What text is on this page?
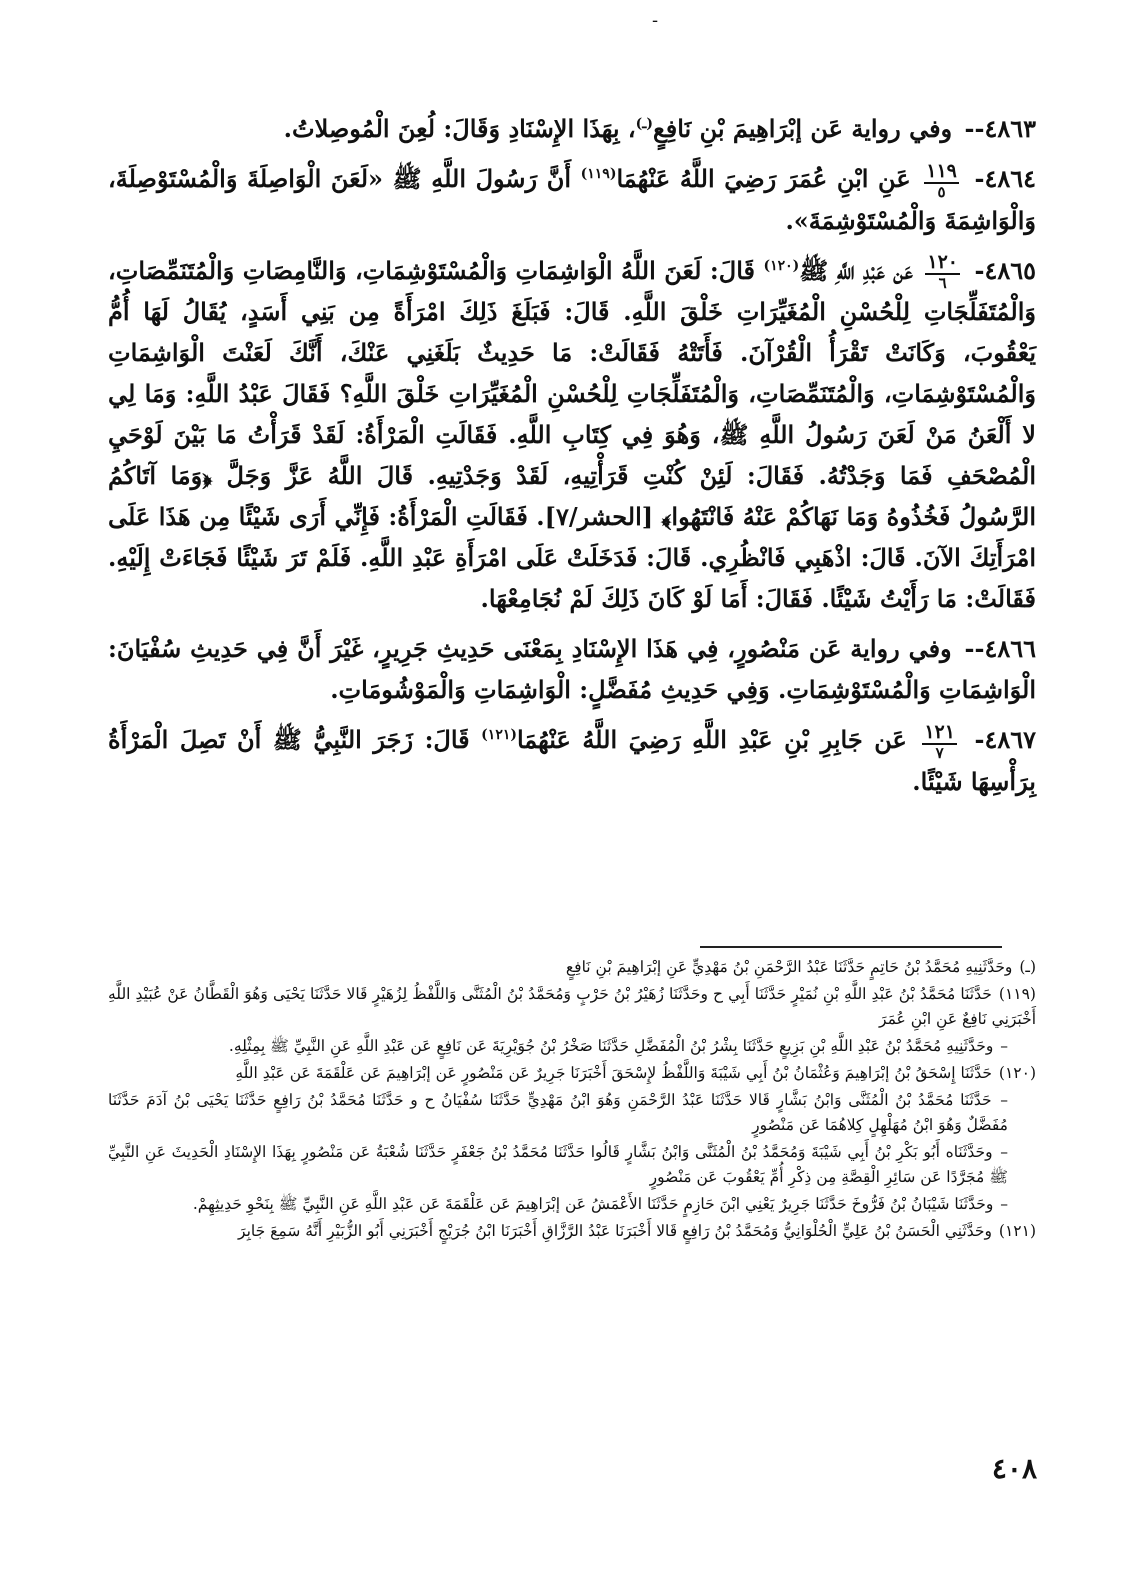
-

٤٨٦٣-- وفي رواية عَن إبْرَاهِيمَ بْنِ نَافِعٍ$^{(ـ)}$، بِهَذَا الإِسْنَادِ وَقَالَ: لُعِنَ الْمُوصِلاتُ.

٤٨٦٤-
١١٩
٥
عَنِ ابْنِ عُمَرَ رَضِيَ اللَّهُ عَنْهُمَا$^{(١١٩)}$ أَنَّ رَسُولَ اللَّهِ ﷺ «لَعَنَ الْوَاصِلَةَ وَالْمُسْتَوْصِلَةَ، وَالْوَاشِمَةَ وَالْمُسْتَوْشِمَةَ».

٤٨٦٥-
١٢٠
٦
عَن عَبْدِ اللَّهِ ﷺ$^{(١٢٠)}$ قَالَ: لَعَنَ اللَّهُ الْوَاشِمَاتِ وَالْمُسْتَوْشِمَاتِ، وَالنَّامِصَاتِ وَالْمُتَنَمِّصَاتِ، وَالْمُتَفَلِّجَاتِ لِلْحُسْنِ الْمُغَيِّرَاتِ خَلْقَ اللَّهِ. قَالَ: فَبَلَغَ ذَلِكَ امْرَأَةً مِن بَنِي أَسَدٍ، يُقَالُ لَهَا أُمُّ يَعْقُوبَ، وَكَانَتْ تَقْرَأُ الْقُرْآنَ. فَأَتَتْهُ فَقَالَتْ: مَا حَدِيثٌ بَلَغَنِي عَنْكَ، أَنَّكَ لَعَنْتَ الْوَاشِمَاتِ وَالْمُسْتَوْشِمَاتِ، وَالْمُتَنَمِّصَاتِ، وَالْمُتَفَلِّجَاتِ لِلْحُسْنِ الْمُغَيِّرَاتِ خَلْقَ اللَّهِ؟ فَقَالَ عَبْدُ اللَّهِ: وَمَا لِي لا أَلْعَنُ مَنْ لَعَنَ رَسُولُ اللَّهِ ﷺ، وَهُوَ فِي كِتَابِ اللَّهِ. فَقَالَتِ الْمَرْأَةُ: لَقَدْ قَرَأْتُ مَا بَيْنَ لَوْحَيِ الْمُصْحَفِ فَمَا وَجَدْتُهُ. فَقَالَ: لَئِنْ كُنْتِ قَرَأْتِيهِ، لَقَدْ وَجَدْتِيهِ. قَالَ اللَّهُ عَزَّ وَجَلَّ ﴿وَمَا آتَاكُمُ الرَّسُولُ فَخُذُوهُ وَمَا نَهَاكُمْ عَنْهُ فَانْتَهُوا﴾ [الحشر/٧]. فَقَالَتِ الْمَرْأَةُ: فَإِنِّي أَرَى شَيْئًا مِن هَذَا عَلَى امْرَأَتِكَ الآنَ. قَالَ: اذْهَبِي فَانْظُرِي. قَالَ: فَدَخَلَتْ عَلَى امْرَأَةِ عَبْدِ اللَّهِ. فَلَمْ تَرَ شَيْئًا فَجَاءَتْ إِلَيْهِ. فَقَالَتْ: مَا رَأَيْتُ شَيْئًا. فَقَالَ: أَمَا لَوْ كَانَ ذَلِكَ لَمْ نُجَامِعْهَا.

٤٨٦٦-- وفي رواية عَن مَنْصُورٍ، فِي هَذَا الإِسْنَادِ بِمَعْنَى حَدِيثِ جَرِيرٍ، غَيْرَ أَنَّ فِي حَدِيثِ سُفْيَانَ: الْوَاشِمَاتِ وَالْمُسْتَوْشِمَاتِ. وَفِي حَدِيثِ مُفَضَّلٍ: الْوَاشِمَاتِ وَالْمَوْشُومَاتِ.

٤٨٦٧-
١٢١
٧
عَن جَابِرِ بْنِ عَبْدِ اللَّهِ رَضِيَ اللَّهُ عَنْهُمَا$^{(١٢١)}$ قَالَ: زَجَرَ النَّبِيُّ ﷺ أَنْ تَصِلَ الْمَرْأَةُ بِرَأْسِهَا شَيْئًا.

(ـ) وحَدَّثَنِيهِ مُحَمَّدُ بْنُ حَاتِمٍ حَدَّثَنَا عَبْدُ الرَّحْمَنِ بْنُ مَهْدِيٍّ عَنِ إبْرَاهِيمَ بْنِ نَافِعٍ

(١١٩) حَدَّثَنَا مُحَمَّدُ بْنُ عَبْدِ اللَّهِ بْنِ نُمَيْرٍ حَدَّثَنَا أَبِي ح وحَدَّثَنَا زُهَيْرُ بْنُ حَرْبٍ وَمُحَمَّدُ بْنُ الْمُثَنَّى وَاللَّفْظُ لِزُهَيْرٍ قَالا حَدَّثَنَا يَحْيَى وَهُوَ الْقَطَّانُ عَنْ عُبَيْدِ اللَّهِ أَخْبَرَنِي نَافِعٌ عَنِ ابْنِ عُمَرَ

– وحَدَّثَنِيهِ مُحَمَّدُ بْنُ عَبْدِ اللَّهِ بْنِ بَزِيعٍ حَدَّثَنَا بِشْرُ بْنُ الْمُفَضَّلِ حَدَّثَنَا صَخْرُ بْنُ جُوَيْرِيَةَ عَن نَافِعٍ عَن عَبْدِ اللَّهِ عَنِ النَّبِيِّ ﷺ بِمِثْلِهِ.

(١٢٠) حَدَّثَنَا إِسْحَقُ بْنُ إبْرَاهِيمَ وَعُثْمَانُ بْنُ أَبِي شَيْبَةَ وَاللَّفْظُ لإِسْحَقَ أَخْبَرَنَا جَرِيرٌ عَن مَنْصُورٍ عَن إبْرَاهِيمَ عَن عَلْقَمَةَ عَن عَبْدِ اللَّهِ

– حَدَّثَنَا مُحَمَّدُ بْنُ الْمُثَنَّى وَابْنُ بَشَّارٍ قَالا حَدَّثَنَا عَبْدُ الرَّحْمَنِ وَهُوَ ابْنُ مَهْدِيٍّ حَدَّثَنَا سُفْيَانُ ح و حَدَّثَنَا مُحَمَّدُ بْنُ رَافِعٍ حَدَّثَنَا يَحْيَى بْنُ آدَمَ حَدَّثَنَا مُفَضَّلٌ وَهُوَ ابْنُ مُهَلْهِلٍ كِلاهُمَا عَن مَنْصُورٍ

– وحَدَّثَنَاه أَبُو بَكْرِ بْنُ أَبِي شَيْبَةَ وَمُحَمَّدُ بْنُ الْمُثَنَّى وَابْنُ بَشَّارٍ قَالُوا حَدَّثَنَا مُحَمَّدُ بْنُ جَعْفَرٍ حَدَّثَنَا شُعْبَةُ عَن مَنْصُورٍ بِهَذَا الإِسْنَادِ الْحَدِيثَ عَنِ النَّبِيِّ ﷺ مُجَرَّدًا عَن سَائِرِ الْقِصَّةِ مِن ذِكْرِ أُمِّ يَعْقُوبَ عَن مَنْصُورٍ

– وحَدَّثَنَا شَيْبَانُ بْنُ فَرُّوخَ حَدَّثَنَا جَرِيرٌ يَعْنِي ابْنَ حَازِمٍ حَدَّثَنَا الأَعْمَشُ عَن إبْرَاهِيمَ عَن عَلْقَمَةَ عَن عَبْدِ اللَّهِ عَنِ النَّبِيِّ ﷺ بِنَحْوِ حَدِيثِهِمْ.

(١٢١) وحَدَّثَنِي الْحَسَنُ بْنُ عَلِيٍّ الْحُلْوَانِيُّ وَمُحَمَّدُ بْنُ رَافِعٍ قَالا أَخْبَرَنَا عَبْدُ الرَّزَّاقِ أَخْبَرَنَا ابْنُ جُرَيْجٍ أَخْبَرَنِي أَبُو الزُّبَيْرِ أَنَّهُ سَمِعَ جَابِرَ

٤٠٨
